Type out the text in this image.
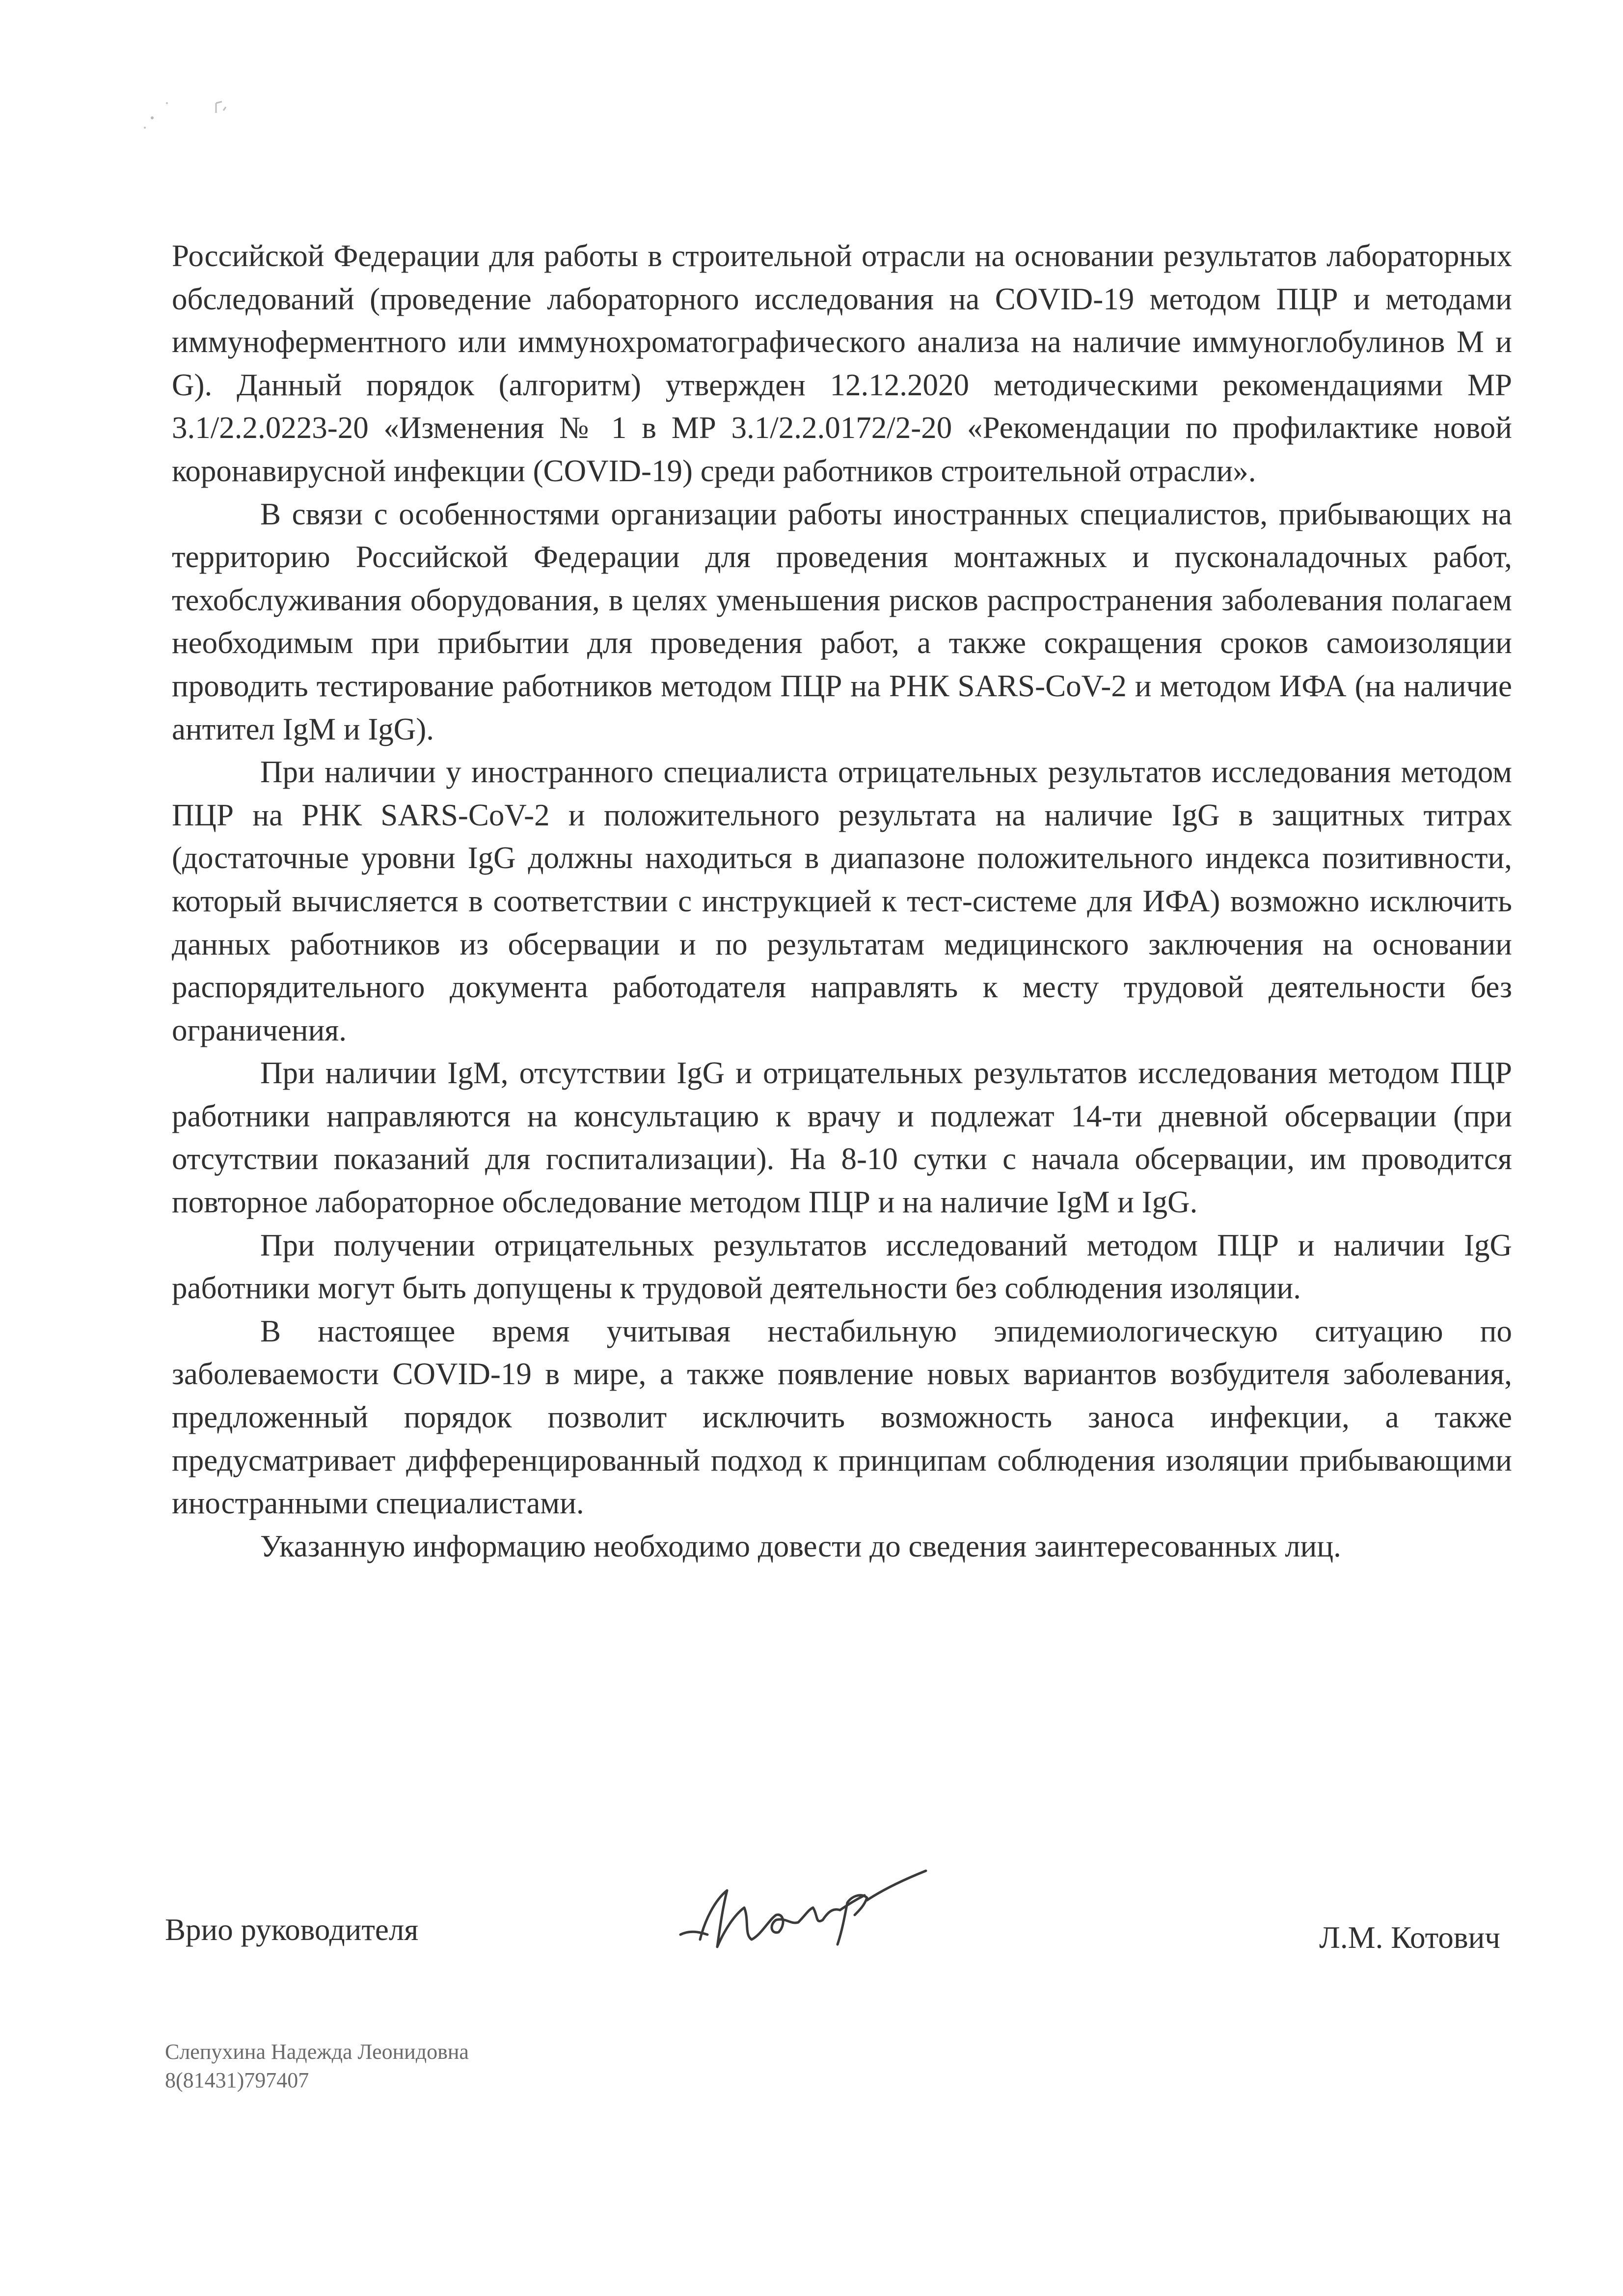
Российской Федерации для работы в строительной отрасли на основании результатов лабораторных обследований (проведение лабораторного исследования на COVID-19 методом ПЦР и методами иммуноферментного или иммунохроматографического анализа на наличие иммуноглобулинов М и G). Данный порядок (алгоритм) утвержден 12.12.2020 методическими рекомендациями МР 3.1/2.2.0223-20 «Изменения № 1 в МР 3.1/2.2.0172/2-20 «Рекомендации по профилактике новой коронавирусной инфекции (COVID-19) среди работников строительной отрасли».

В связи с особенностями организации работы иностранных специалистов, прибывающих на территорию Российской Федерации для проведения монтажных и пусконаладочных работ, техобслуживания оборудования, в целях уменьшения рисков распространения заболевания полагаем необходимым при прибытии для проведения работ, а также сокращения сроков самоизоляции проводить тестирование работников методом ПЦР на РНК SARS-CoV-2 и методом ИФА (на наличие антител IgM и IgG).

При наличии у иностранного специалиста отрицательных результатов исследования методом ПЦР на РНК SARS-CoV-2 и положительного результата на наличие IgG в защитных титрах (достаточные уровни IgG должны находиться в диапазоне положительного индекса позитивности, который вычисляется в соответствии с инструкцией к тест-системе для ИФА) возможно исключить данных работников из обсервации и по результатам медицинского заключения на основании распорядительного документа работодателя направлять к месту трудовой деятельности без ограничения.

При наличии IgM, отсутствии IgG и отрицательных результатов исследования методом ПЦР работники направляются на консультацию к врачу и подлежат 14-ти дневной обсервации (при отсутствии показаний для госпитализации). На 8-10 сутки с начала обсервации, им проводится повторное лабораторное обследование методом ПЦР и на наличие IgM и IgG.

При получении отрицательных результатов исследований методом ПЦР и наличии IgG работники могут быть допущены к трудовой деятельности без соблюдения изоляции.

В настоящее время учитывая нестабильную эпидемиологическую ситуацию по заболеваемости COVID-19 в мире, а также появление новых вариантов возбудителя заболевания, предложенный порядок позволит исключить возможность заноса инфекции, а также предусматривает дифференцированный подход к принципам соблюдения изоляции прибывающими иностранными специалистами.

Указанную информацию необходимо довести до сведения заинтересованных лиц.

Врио руководителя	Л.М. Котович
Слепухина Надежда Леонидовна
8(81431)797407
